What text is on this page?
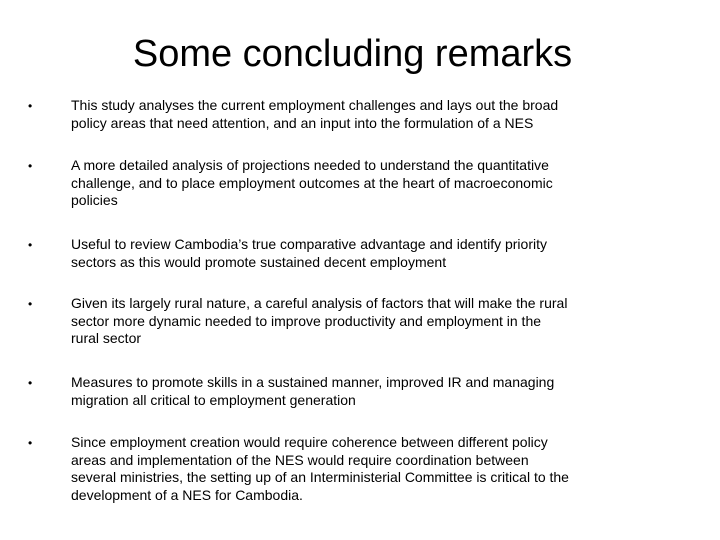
Some concluding remarks
•	This study analyses the current employment challenges and lays out the broad
policy areas that need attention, and an input into the formulation of a NES
•	A more detailed analysis of projections needed to understand the quantitative
challenge, and to place employment outcomes at the heart of macroeconomic
policies
•	Useful to review Cambodia’s true comparative advantage and identify priority
sectors as this would promote sustained decent employment
•	Given its largely rural nature, a careful analysis of factors that will make the rural
sector more dynamic needed to improve productivity and employment in the
rural sector
•	Measures to promote skills in a sustained manner, improved IR and managing
migration all critical to employment generation
•	Since employment creation would require coherence between different policy
areas and implementation of the NES would require coordination between
several ministries, the setting up of an Interministerial Committee is critical to the
development of a NES for Cambodia.
